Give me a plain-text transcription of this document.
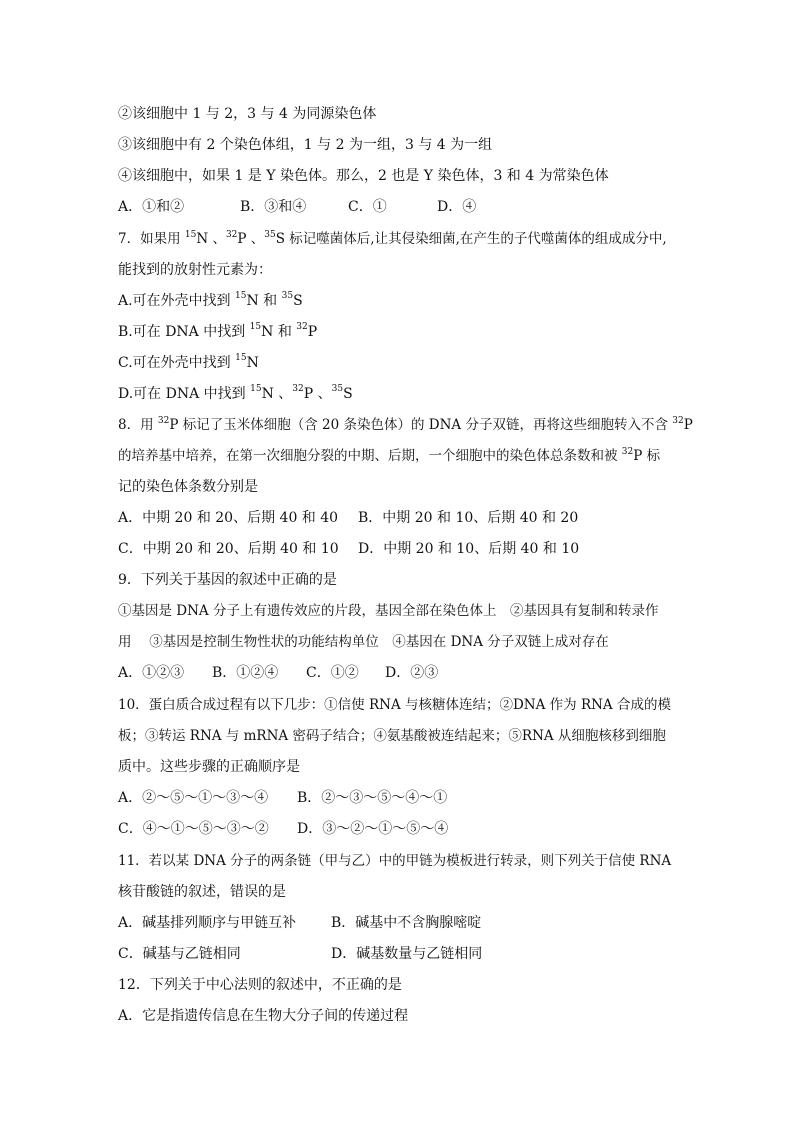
②该细胞中 1 与 2，3 与 4 为同源染色体
③该细胞中有 2 个染色体组，1 与 2 为一组，3 与 4 为一组
④该细胞中，如果 1 是 Y 染色体。那么，2 也是 Y 染色体，3 和 4 为常染色体
A．①和②	B．③和④	C．①	D．④
7．如果用 $^{15}$N 、$^{32}$P 、$^{35}$S 标记噬菌体后,让其侵染细菌,在产生的子代噬菌体的组成成分中,
能找到的放射性元素为：
A.可在外壳中找到 $^{15}$N 和 $^{35}$S
B.可在 DNA 中找到 $^{15}$N 和 $^{32}$P
C.可在外壳中找到 $^{15}$N
D.可在 DNA 中找到 $^{15}$N 、$^{32}$P 、$^{35}$S
8．用 $^{32}$P 标记了玉米体细胞（含 20 条染色体）的 DNA 分子双链，再将这些细胞转入不含 $^{32}$P
的培养基中培养，在第一次细胞分裂的中期、后期，一个细胞中的染色体总条数和被 $^{32}$P 标
记的染色体条数分别是
A．中期 20 和 20、后期 40 和 40 B．中期 20 和 10、后期 40 和 20
C．中期 20 和 20、后期 40 和 10 D．中期 20 和 10、后期 40 和 10
9．下列关于基因的叙述中正确的是
①基因是 DNA 分子上有遗传效应的片段，基因全部在染色体上　②基因具有复制和转录作
用　 ③基因是控制生物性状的功能结构单位　④基因在 DNA 分子双链上成对存在
A．①②③ B．①②④ C．①② D．②③
10．蛋白质合成过程有以下几步：①信使 RNA 与核糖体连结；②DNA 作为 RNA 合成的模
板；③转运 RNA 与 mRNA 密码子结合；④氨基酸被连结起来；⑤RNA 从细胞核移到细胞
质中。这些步骤的正确顺序是
A．②～⑤～①～③～④ B．②～③～⑤～④～①
C．④～①～⑤～③～② D．③～②～①～⑤～④
11．若以某 DNA 分子的两条链（甲与乙）中的甲链为模板进行转录，则下列关于信使 RNA
核苷酸链的叙述，错误的是
A．碱基排列顺序与甲链互补 B．碱基中不含胸腺嘧啶
C．碱基与乙链相同	D．碱基数量与乙链相同
12．下列关于中心法则的叙述中，不正确的是
A．它是指遗传信息在生物大分子间的传递过程
